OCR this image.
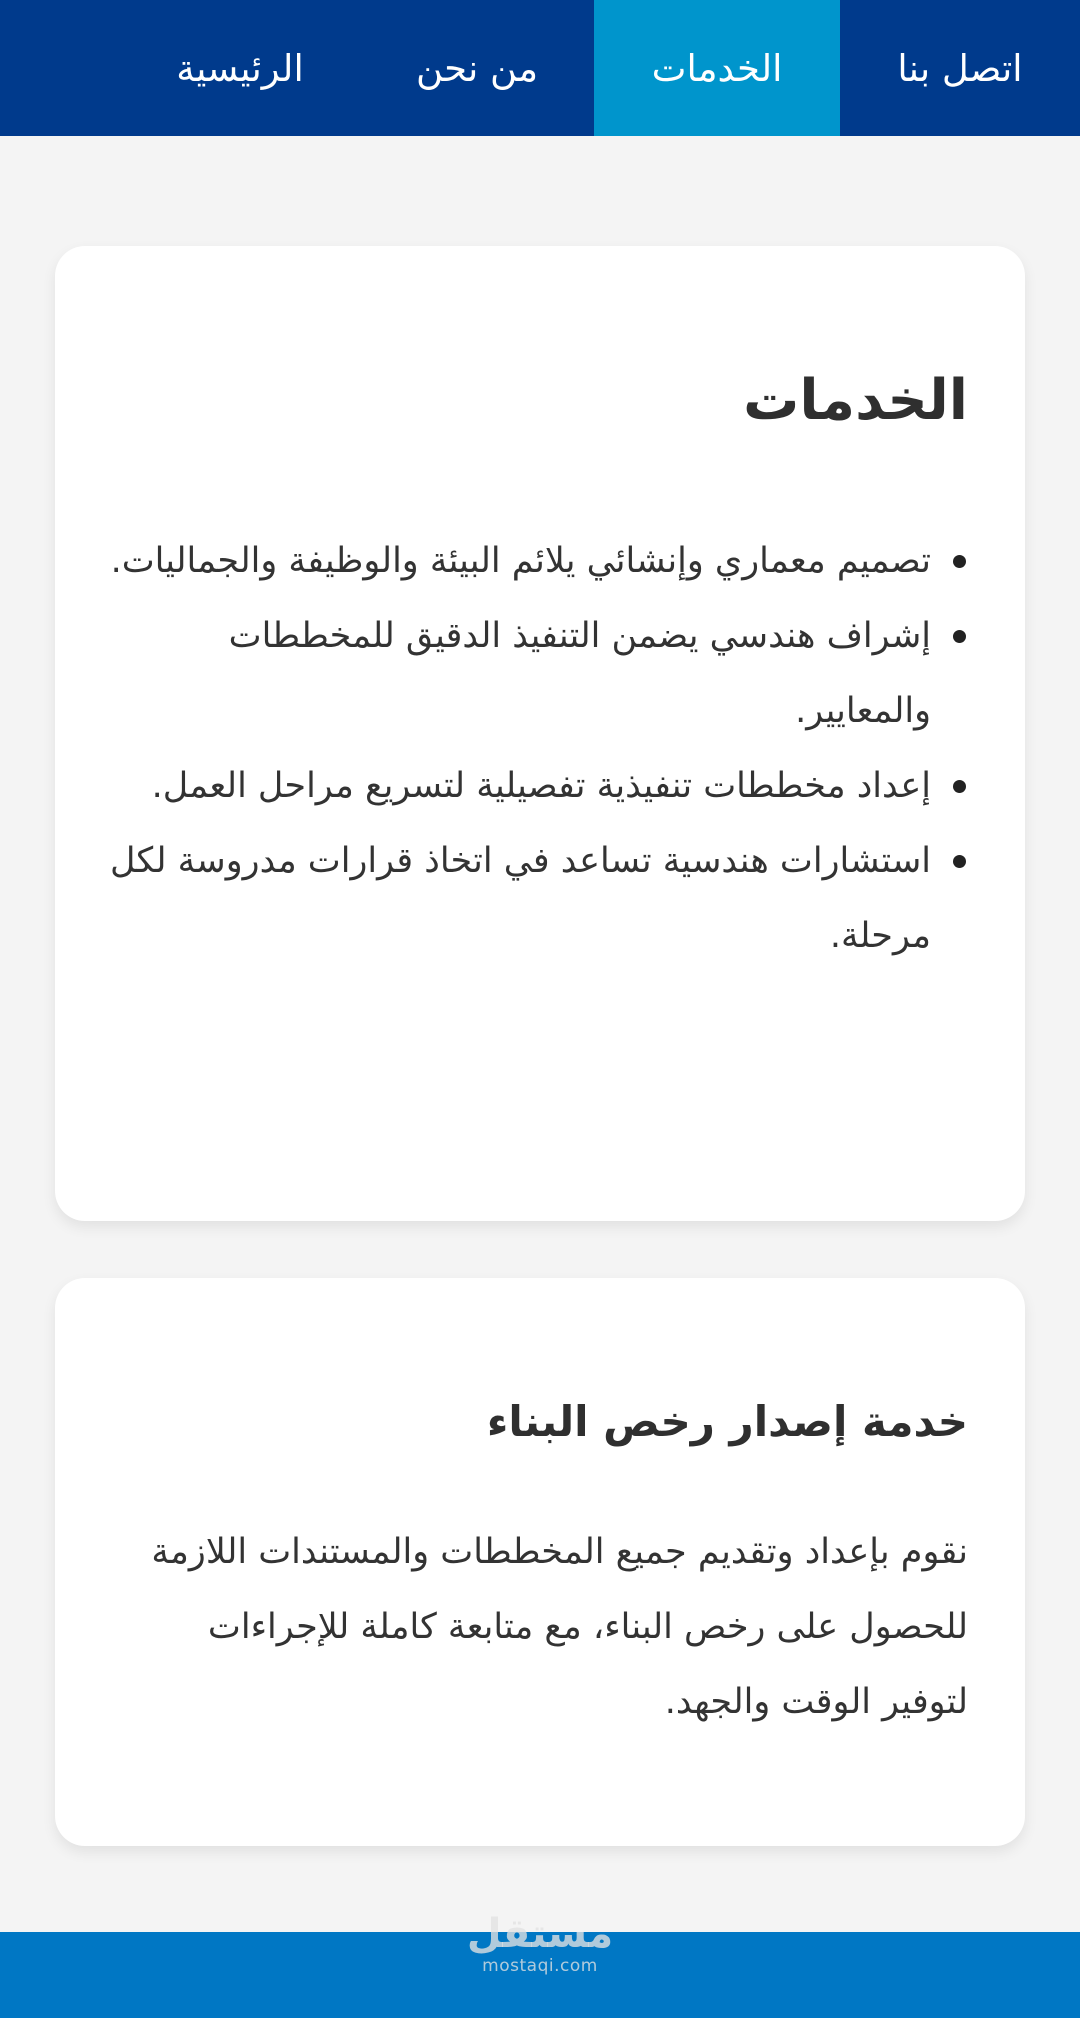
اتصل بنا
الخدمات
من نحن
الرئيسية
الخدمات
تصميم معماري وإنشائي يلائم البيئة والوظيفة والجماليات.
إشراف هندسي يضمن التنفيذ الدقيق للمخططات والمعايير.
إعداد مخططات تنفيذية تفصيلية لتسريع مراحل العمل.
استشارات هندسية تساعد في اتخاذ قرارات مدروسة لكل مرحلة.
خدمة إصدار رخص البناء

نقوم بإعداد وتقديم جميع المخططات والمستندات اللازمة للحصول على رخص البناء، مع متابعة كاملة للإجراءات لتوفير الوقت والجهد.

مستقل
mostaqi.com
